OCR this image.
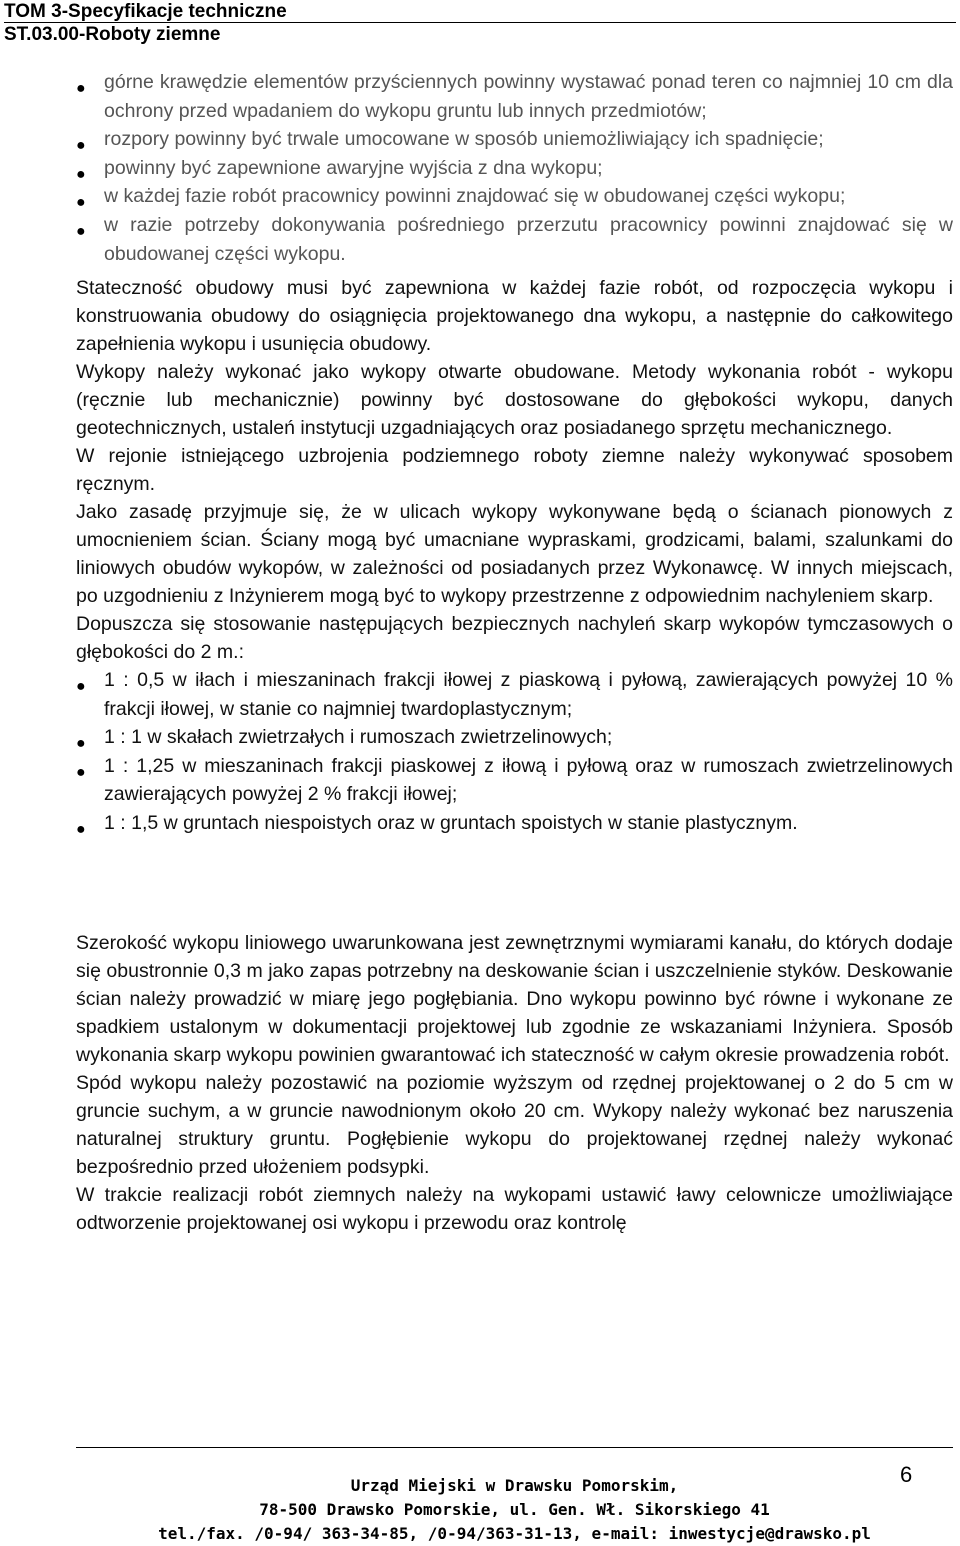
TOM 3-Specyfikacje techniczne
ST.03.00-Roboty ziemne
● górne krawędzie elementów przyściennych powinny wystawać ponad teren co najmniej 10 cm dla ochrony przed wpadaniem do wykopu gruntu lub innych przedmiotów;
● rozpory powinny być trwale umocowane w sposób uniemożliwiający ich spadnięcie;
● powinny być zapewnione awaryjne wyjścia z dna wykopu;
● w każdej fazie robót pracownicy powinni znajdować się w obudowanej części wykopu;
● w razie potrzeby dokonywania pośredniego przerzutu pracownicy powinni znajdować się w obudowanej części wykopu.

Stateczność obudowy musi być zapewniona w każdej fazie robót, od rozpoczęcia wykopu i konstruowania obudowy do osiągnięcia projektowanego dna wykopu, a następnie do całkowitego zapełnienia wykopu i usunięcia obudowy.

Wykopy należy wykonać jako wykopy otwarte obudowane. Metody wykonania robót - wykopu (ręcznie lub mechanicznie) powinny być dostosowane do głębokości wykopu, danych geotechnicznych, ustaleń instytucji uzgadniających oraz posiadanego sprzętu mechanicznego.

W rejonie istniejącego uzbrojenia podziemnego roboty ziemne należy wykonywać sposobem ręcznym.

Jako zasadę przyjmuje się, że w ulicach wykopy wykonywane będą o ścianach pionowych z umocnieniem ścian. Ściany mogą być umacniane wypraskami, grodzicami, balami, szalunkami do liniowych obudów wykopów, w zależności od posiadanych przez Wykonawcę. W innych miejscach, po uzgodnieniu z Inżynierem mogą być to wykopy przestrzenne z odpowiednim nachyleniem skarp.

Dopuszcza się stosowanie następujących bezpiecznych nachyleń skarp wykopów tymczasowych o głębokości do 2 m.:

● 1 : 0,5 w iłach i mieszaninach frakcji iłowej z piaskową i pyłową, zawierających powyżej 10 % frakcji iłowej, w stanie co najmniej twardoplastycznym;
● 1 : 1 w skałach zwietrzałych i rumoszach zwietrzelinowych;
● 1 : 1,25 w mieszaninach frakcji piaskowej z iłową i pyłową oraz w rumoszach zwietrzelinowych zawierających powyżej 2 % frakcji iłowej;
● 1 : 1,5 w gruntach niespoistych oraz w gruntach spoistych w stanie plastycznym.

Szerokość wykopu liniowego uwarunkowana jest zewnętrznymi wymiarami kanału, do których dodaje się obustronnie 0,3 m jako zapas potrzebny na deskowanie ścian i uszczelnienie styków. Deskowanie ścian należy prowadzić w miarę jego pogłębiania. Dno wykopu powinno być równe i wykonane ze spadkiem ustalonym w dokumentacji projektowej lub zgodnie ze wskazaniami Inżyniera. Sposób wykonania skarp wykopu powinien gwarantować ich stateczność w całym okresie prowadzenia robót.

Spód wykopu należy pozostawić na poziomie wyższym od rzędnej projektowanej o 2 do 5 cm w gruncie suchym, a w gruncie nawodnionym około 20 cm. Wykopy należy wykonać bez naruszenia naturalnej struktury gruntu. Pogłębienie wykopu do projektowanej rzędnej należy wykonać bezpośrednio przed ułożeniem podsypki.

W trakcie realizacji robót ziemnych należy na wykopami ustawić ławy celownicze umożliwiające odtworzenie projektowanej osi wykopu i przewodu oraz kontrolę

6
Urząd Miejski w Drawsku Pomorskim,
78-500 Drawsko Pomorskie, ul. Gen. Wł. Sikorskiego 41
tel./fax. /0-94/ 363-34-85, /0-94/363-31-13, e-mail: inwestycje@drawsko.pl
